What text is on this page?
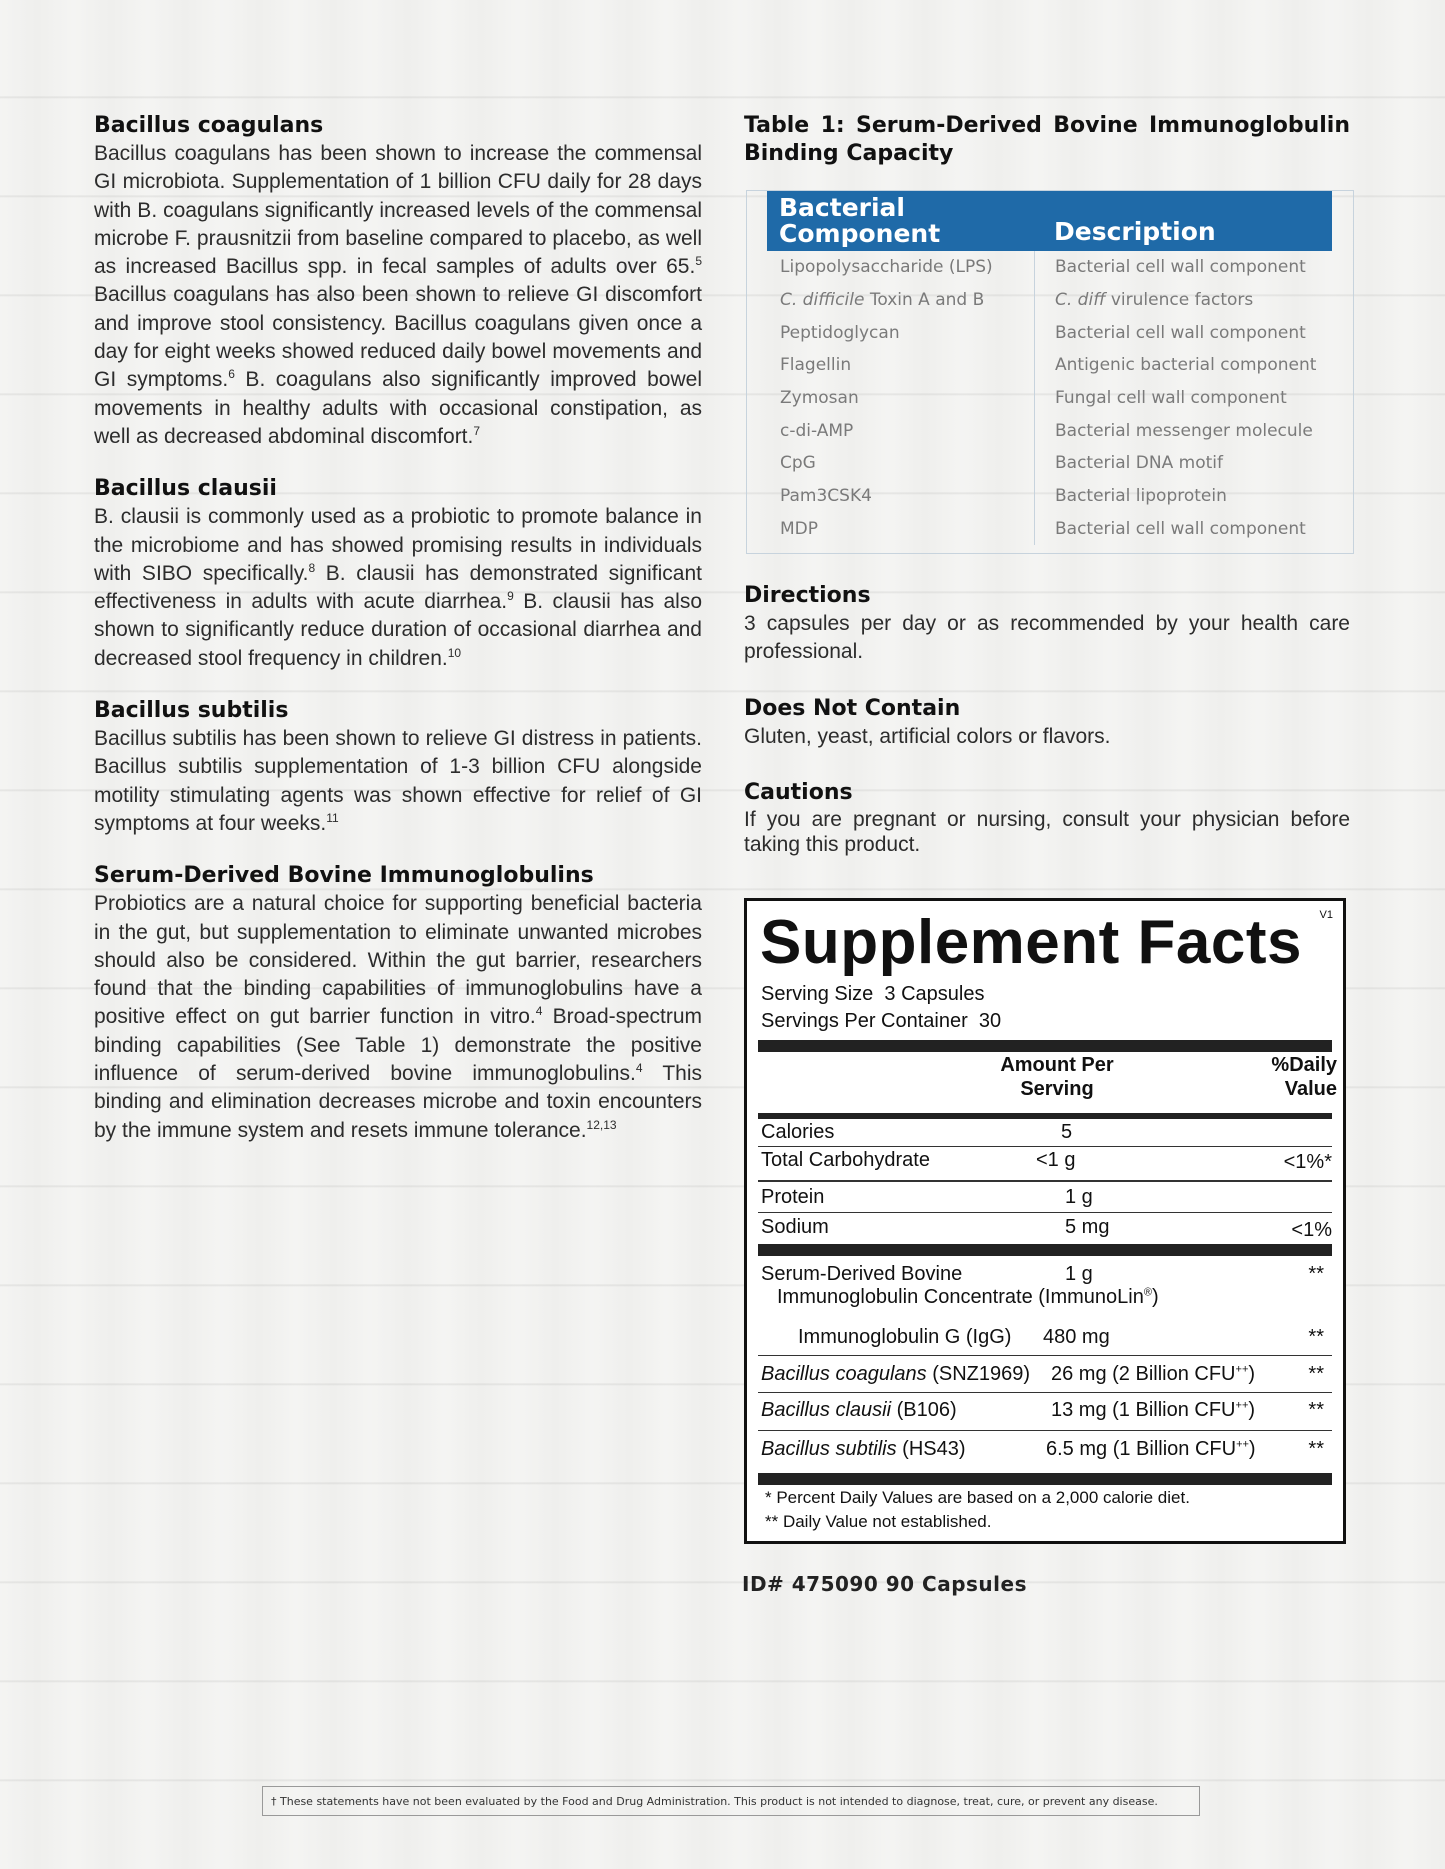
Bacillus coagulans
Bacillus coagulans has been shown to increase the commensal GI microbiota. Supplementation of 1 billion CFU daily for 28 days with B. coagulans significantly increased levels of the commensal microbe F. prausnitzii from baseline compared to placebo, as well as increased Bacillus spp. in fecal samples of adults over 65.$^5$ Bacillus coagulans has also been shown to relieve GI discomfort and improve stool consistency. Bacillus coagulans given once a day for eight weeks showed reduced daily bowel movements and GI symptoms.$^6$ B. coagulans also significantly improved bowel movements in healthy adults with occasional constipation, as well as decreased abdominal discomfort.$^7$
Bacillus clausii
B. clausii is commonly used as a probiotic to promote balance in the microbiome and has showed promising results in individuals with SIBO specifically.$^8$ B. clausii has demonstrated significant effectiveness in adults with acute diarrhea.$^9$ B. clausii has also shown to significantly reduce duration of occasional diarrhea and decreased stool frequency in children.$^{10}$
Bacillus subtilis
Bacillus subtilis has been shown to relieve GI distress in patients. Bacillus subtilis supplementation of 1-3 billion CFU alongside motility stimulating agents was shown effective for relief of GI symptoms at four weeks.$^{11}$
Serum-Derived Bovine Immunoglobulins
Probiotics are a natural choice for supporting beneficial bacteria in the gut, but supplementation to eliminate unwanted microbes should also be considered. Within the gut barrier, researchers found that the binding capabilities of immunoglobulins have a positive effect on gut barrier function in vitro.$^4$ Broad-spectrum binding capabilities (See Table 1) demonstrate the positive influence of serum-derived bovine immunoglobulins.$^4$ This binding and elimination decreases microbe and toxin encounters by the immune system and resets immune tolerance.$^{12,13}$
Table 1: Serum-Derived Bovine Immunoglobulin Binding Capacity
Bacterial
Component	Description
Lipopolysaccharide (LPS)	Bacterial cell wall component
C. difficile Toxin A and B	C. diff virulence factors
Peptidoglycan	Bacterial cell wall component
Flagellin	Antigenic bacterial component
Zymosan	Fungal cell wall component
c-di-AMP	Bacterial messenger molecule
CpG	Bacterial DNA motif
Pam3CSK4	Bacterial lipoprotein
MDP	Bacterial cell wall component
Directions
3 capsules per day or as recommended by your health care professional.
Does Not Contain
Gluten, yeast, artificial colors or flavors.
Cautions
If you are pregnant or nursing, consult your physician before taking this product.
Supplement Facts V1
Serving Size  3 Capsules
Servings Per Container  30
Amount Per
Serving
%Daily
Value
Calories	5
Total Carbohydrate	<1 g	<1%*
Protein	1 g
Sodium	5 mg	<1%
Serum-Derived Bovine
Immunoglobulin Concentrate (ImmunoLin®)
1 g	**
Immunoglobulin G (IgG) 480 mg	**
Bacillus coagulans (SNZ1969) 26 mg (2 Billion CFU++)	**
Bacillus clausii (B106)	13 mg (1 Billion CFU++)	**
Bacillus subtilis (HS43)	6.5 mg (1 Billion CFU++)	**
* Percent Daily Values are based on a 2,000 calorie diet.
** Daily Value not established.
ID# 475090 90 Capsules
† These statements have not been evaluated by the Food and Drug Administration. This product is not intended to diagnose, treat, cure, or prevent any disease.
